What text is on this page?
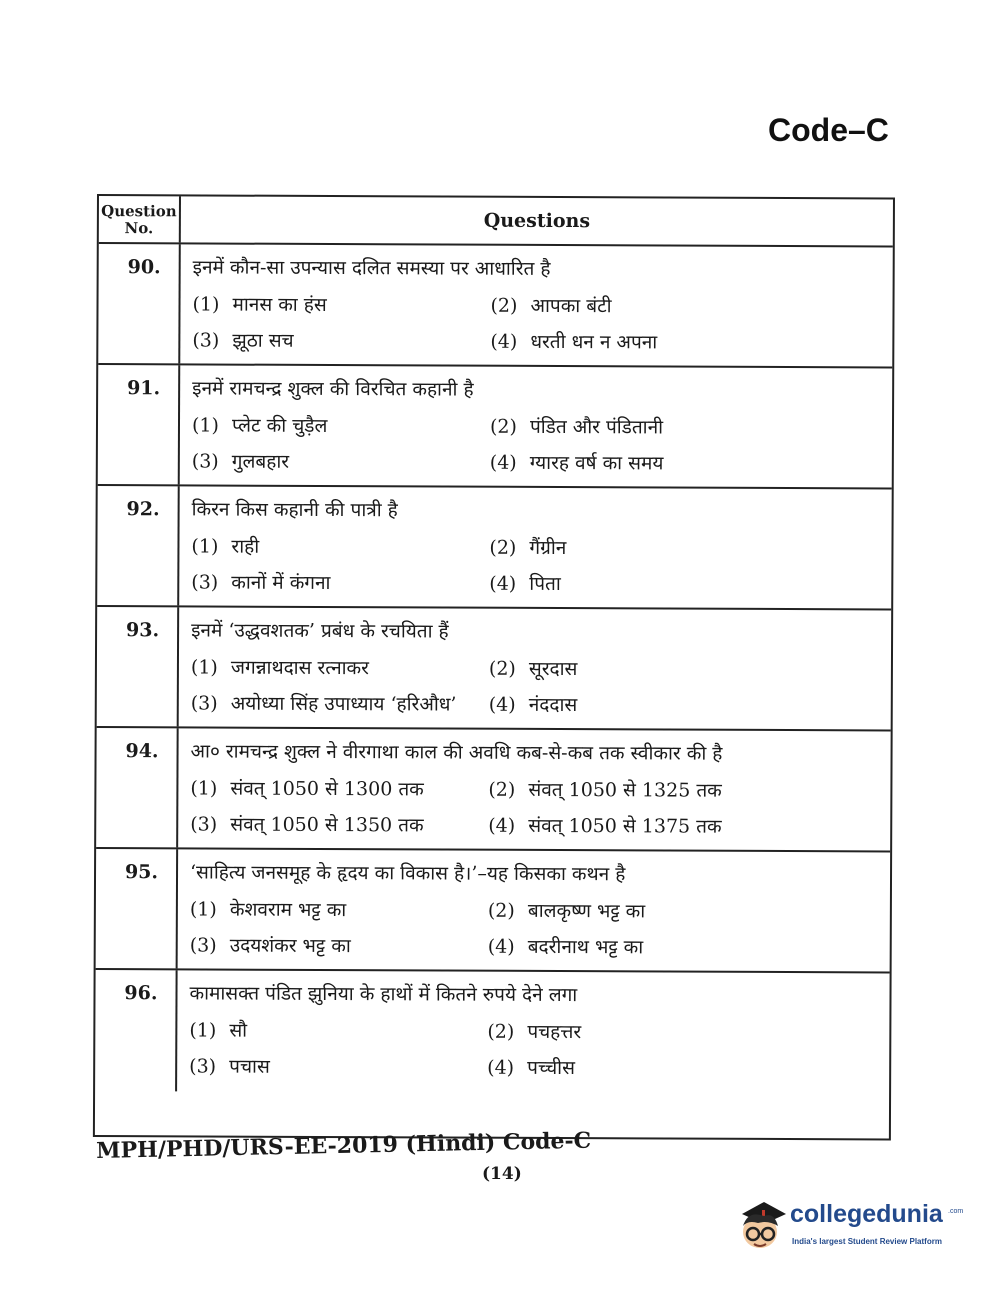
Code–C
Question No.	Questions
90.	इनमें कौन-सा उपन्यास दलित समस्या पर आधारित है
(1) मानस का हंस	(2) आपका बंटी
(3) झूठा सच	(4) धरती धन न अपना
91.	इनमें रामचन्द्र शुक्ल की विरचित कहानी है
(1) प्लेट की चुड़ैल	(2) पंडित और पंडितानी
(3) गुलबहार	(4) ग्यारह वर्ष का समय
92.	किरन किस कहानी की पात्री है
(1) राही	(2) गैंग्रीन
(3) कानों में कंगना	(4) पिता
93.	इनमें ‘उद्धवशतक’ प्रबंध के रचयिता हैं
(1) जगन्नाथदास रत्नाकर	(2) सूरदास
(3) अयोध्या सिंह उपाध्याय ‘हरिऔध’	(4) नंददास
94.	आ० रामचन्द्र शुक्ल ने वीरगाथा काल की अवधि कब-से-कब तक स्वीकार की है
(1) संवत् 1050 से 1300 तक	(2) संवत् 1050 से 1325 तक
(3) संवत् 1050 से 1350 तक	(4) संवत् 1050 से 1375 तक
95.	‘साहित्य जनसमूह के हृदय का विकास है।’–यह किसका कथन है
(1) केशवराम भट्ट का	(2) बालकृष्ण भट्ट का
(3) उदयशंकर भट्ट का	(4) बदरीनाथ भट्ट का
96.	कामासक्त पंडित झुनिया के हाथों में कितने रुपये देने लगा
(1) सौ	(2) पचहत्तर
(3) पचास	(4) पच्चीस
MPH/PHD/URS-EE-2019 (Hindi) Code-C
(14)
collegedunia .com
India's largest Student Review Platform
